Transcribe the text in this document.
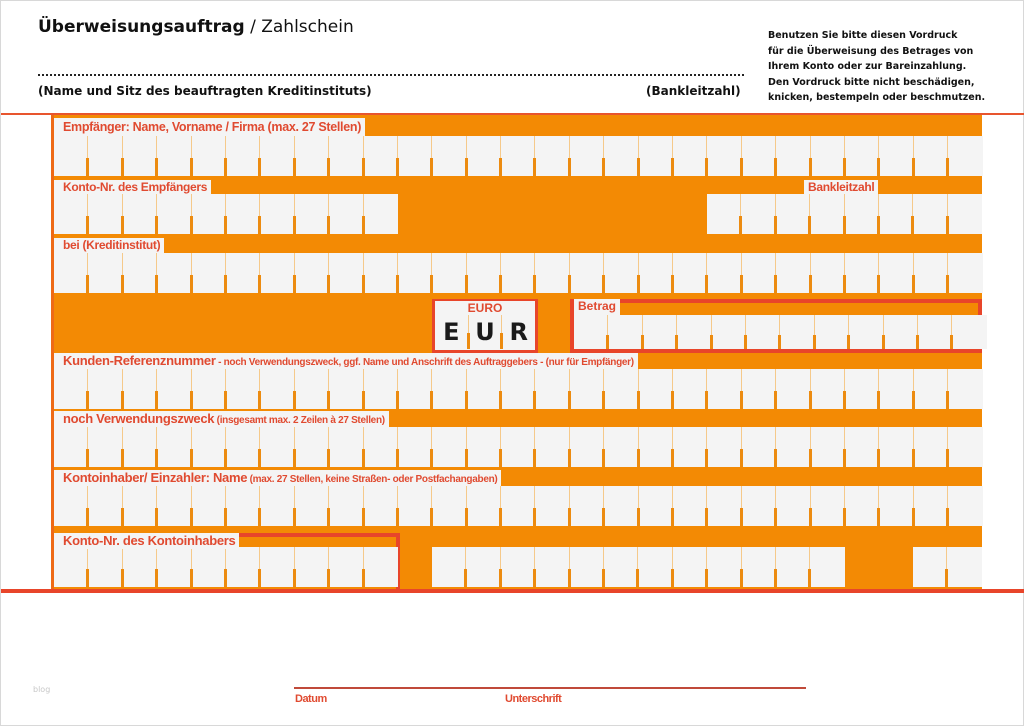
Überweisungsauftrag / Zahlschein
(Name und Sitz des beauftragten Kreditinstituts)	(Bankleitzahl)
Benutzen Sie bitte diesen Vordruck
für die Überweisung des Betrages von
Ihrem Konto oder zur Bareinzahlung.
Den Vordruck bitte nicht beschädigen,
knicken, bestempeln oder beschmutzen.
Empfänger: Name, Vorname / Firma (max. 27 Stellen)
Konto-Nr. des Empfängers	Bankleitzahl
bei (Kreditinstitut)
EURO
E U R
Betrag
Kunden-Referenznummer - noch Verwendungszweck, ggf. Name und Anschrift des Auftraggebers - (nur für Empfänger)
noch Verwendungszweck (insgesamt max. 2 Zeilen à 27 Stellen)
Kontoinhaber/ Einzahler: Name (max. 27 Stellen, keine Straßen- oder Postfachangaben)
Konto-Nr. des Kontoinhabers
Datum	Unterschrift
blog
